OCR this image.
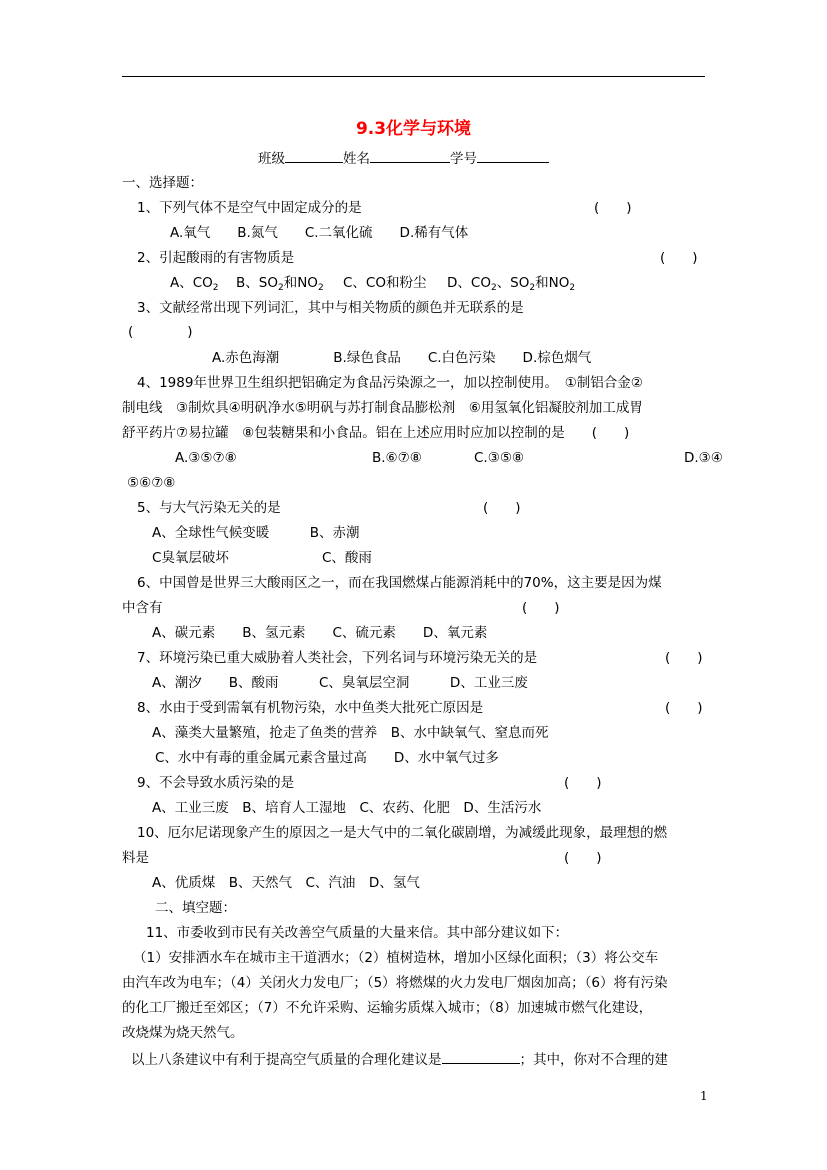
9.3化学与环境
班级	姓名	学号
一、选择题：
1、下列气体不是空气中固定成分的是	(　　)
A.氧气　　B.氮气　　C.二氧化硫　　D.稀有气体
2、引起酸雨的有害物质是	(　　)
A、$CO_2$ B、$SO_2$和$NO_2$ C、CO和粉尘 D、$CO_2$、$SO_2$和$NO_2$
3、文献经常出现下列词汇，其中与相关物质的颜色并无联系的是
(　　　　)
A.赤色海潮　　　　B.绿色食品　　C.白色污染　　D.棕色烟气
4、1989年世界卫生组织把铝确定为食品污染源之一，加以控制使用。　①制铝合金②
制电线　③制炊具④明矾净水⑤明矾与苏打制食品膨松剂　⑥用氢氧化铝凝胶剂加工成胃
舒平药片⑦易拉罐　⑧包装糖果和小食品。铝在上述应用时应加以控制的是　　(　　)
A.③⑤⑦⑧	B.⑥⑦⑧	C.③⑤⑧	D.③④
⑤⑥⑦⑧
5、与大气污染无关的是	(　　)
A、全球性气候变暖　　　B、赤潮
C臭氧层破坏	C、酸雨
6、中国曾是世界三大酸雨区之一，而在我国燃煤占能源消耗中的70%，这主要是因为煤
中含有	(　　)
A、碳元素　　B、氢元素　　C、硫元素　　D、氧元素
7、环境污染已重大威胁着人类社会，下列名词与环境污染无关的是	(　　)
A、潮汐　　B、酸雨　　　C、臭氧层空洞　　　D、工业三废
8、水由于受到需氧有机物污染，水中鱼类大批死亡原因是	(　　)
A、藻类大量繁殖，抢走了鱼类的营养　B、水中缺氧气、窒息而死
C、水中有毒的重金属元素含量过高　　D、水中氧气过多
9、不会导致水质污染的是	(　　)
A、工业三废　B、培育人工湿地　C、农药、化肥　D、生活污水
10、厄尔尼诺现象产生的原因之一是大气中的二氧化碳剧增，为减缓此现象，最理想的燃
料是	(　　)
A、优质煤　B、天然气　C、汽油　D、氢气
二、填空题：
11、市委收到市民有关改善空气质量的大量来信。其中部分建议如下：
（1）安排洒水车在城市主干道洒水；（2）植树造林，增加小区绿化面积；（3）将公交车
由汽车改为电车；（4）关闭火力发电厂；（5）将燃煤的火力发电厂烟囱加高；（6）将有污染
的化工厂搬迁至郊区；（7）不允许采购、运输劣质煤入城市；（8）加速城市燃气化建设，
改烧煤为烧天然气。
以上八条建议中有利于提高空气质量的合理化建议是	；其中，你对不合理的建
1
